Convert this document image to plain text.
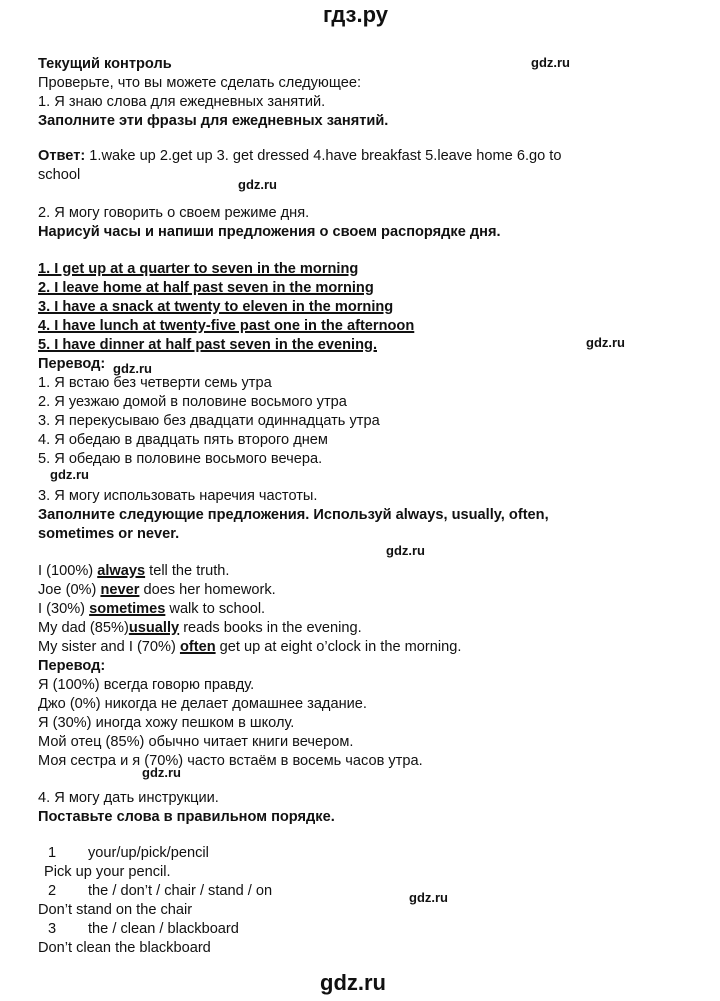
гдз.ру
gdz.ru
gdz.ru
gdz.ru
gdz.ru
gdz.ru
gdz.ru
gdz.ru
gdz.ru
Текущий контроль
Проверьте, что вы можете сделать следующее:
1. Я знаю слова для ежедневных занятий.
Заполните эти фразы для ежедневных занятий.
Ответ: 1.wake up 2.get up 3. get dressed 4.have breakfast 5.leave home 6.go to
school
2. Я могу говорить о своем режиме дня.
Нарисуй часы и напиши предложения о своем распорядке дня.
1. I get up at a quarter to seven in the morning
2. I leave home at half past seven in the morning
3. I have a snack at twenty to eleven in the morning
4. I have lunch at twenty-five past one in the afternoon
5. I have dinner at half past seven in the evening.
Перевод:
1. Я встаю без четверти семь утра
2. Я уезжаю домой в половине восьмого утра
3. Я перекусываю без двадцати одиннадцать утра
4. Я обедаю в двадцать пять второго днем
5. Я обедаю в половине восьмого вечера.
3. Я могу использовать наречия частоты.
Заполните следующие предложения. Используй always, usually, often,
sometimes or never.
I (100%) always tell the truth.
Joe (0%) never does her homework.
I (30%) sometimes walk to school.
My dad (85%)usually reads books in the evening.
My sister and I (70%) often get up at eight o’clock in the morning.
Перевод:
Я (100%) всегда говорю правду.
Джо (0%) никогда не делает домашнее задание.
Я (30%) иногда хожу пешком в школу.
Мой отец (85%) обычно читает книги вечером.
Моя сестра и я (70%) часто встаём в восемь часов утра.
4. Я могу дать инструкции.
Поставьте слова в правильном порядке.
1 your/up/pick/pencil
Pick up your pencil.
2 the / don’t / chair / stand / on
Don’t stand on the chair
3 the / clean / blackboard
Don’t clean the blackboard
gdz.ru
